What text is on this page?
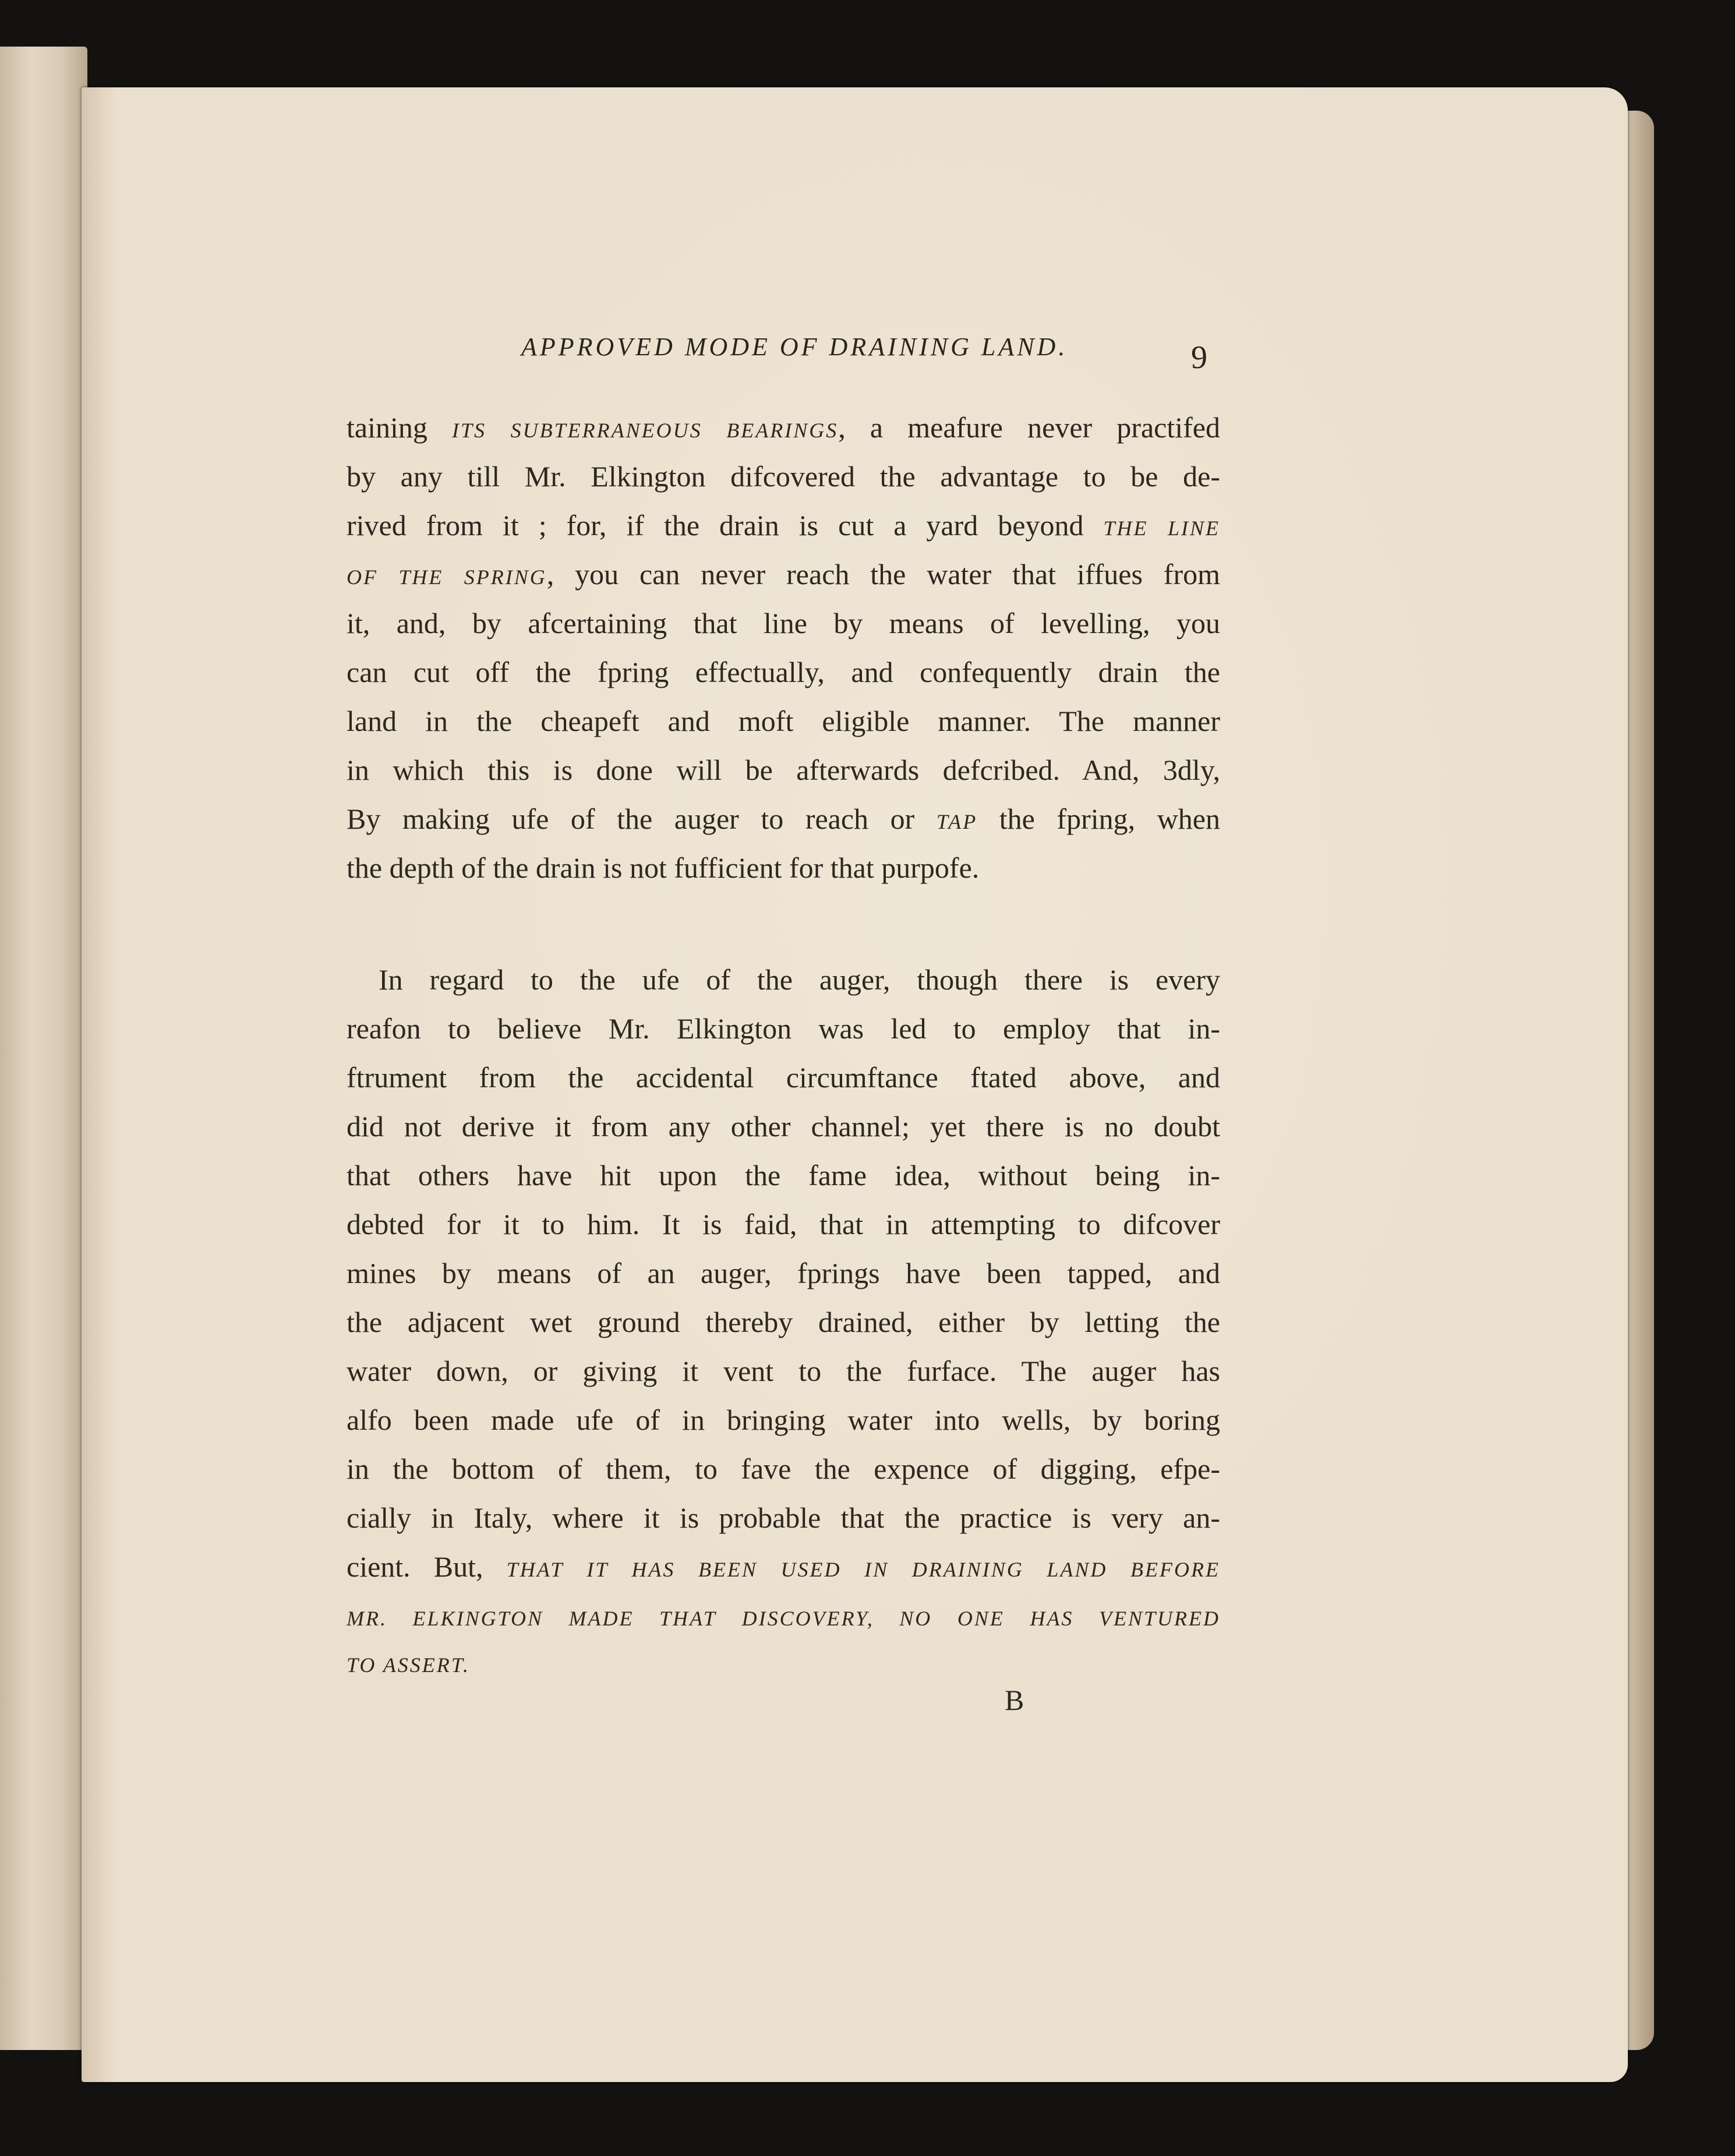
APPROVED MODE OF DRAINING LAND.	9
taining ITS SUBTERRANEOUS BEARINGS, a meafure never practifed
by any till Mr. Elkington difcovered the advantage to be de-
rived from it ; for, if the drain is cut a yard beyond THE LINE
OF THE SPRING, you can never reach the water that iffues from
it, and, by afcertaining that line by means of levelling, you
can cut off the fpring effectually, and confequently drain the
land in the cheapeft and moft eligible manner. The manner
in which this is done will be afterwards defcribed. And, 3dly,
By making ufe of the auger to reach or TAP the fpring, when
the depth of the drain is not fufficient for that purpofe.
In regard to the ufe of the auger, though there is every
reafon to believe Mr. Elkington was led to employ that in-
ftrument from the accidental circumftance ftated above, and
did not derive it from any other channel; yet there is no doubt
that others have hit upon the fame idea, without being in-
debted for it to him. It is faid, that in attempting to difcover
mines by means of an auger, fprings have been tapped, and
the adjacent wet ground thereby drained, either by letting the
water down, or giving it vent to the furface. The auger has
alfo been made ufe of in bringing water into wells, by boring
in the bottom of them, to fave the expence of digging, efpe-
cially in Italy, where it is probable that the practice is very an-
cient. But, THAT IT HAS BEEN USED IN DRAINING LAND BEFORE
MR. ELKINGTON MADE THAT DISCOVERY, NO ONE HAS VENTURED
TO ASSERT.
B
